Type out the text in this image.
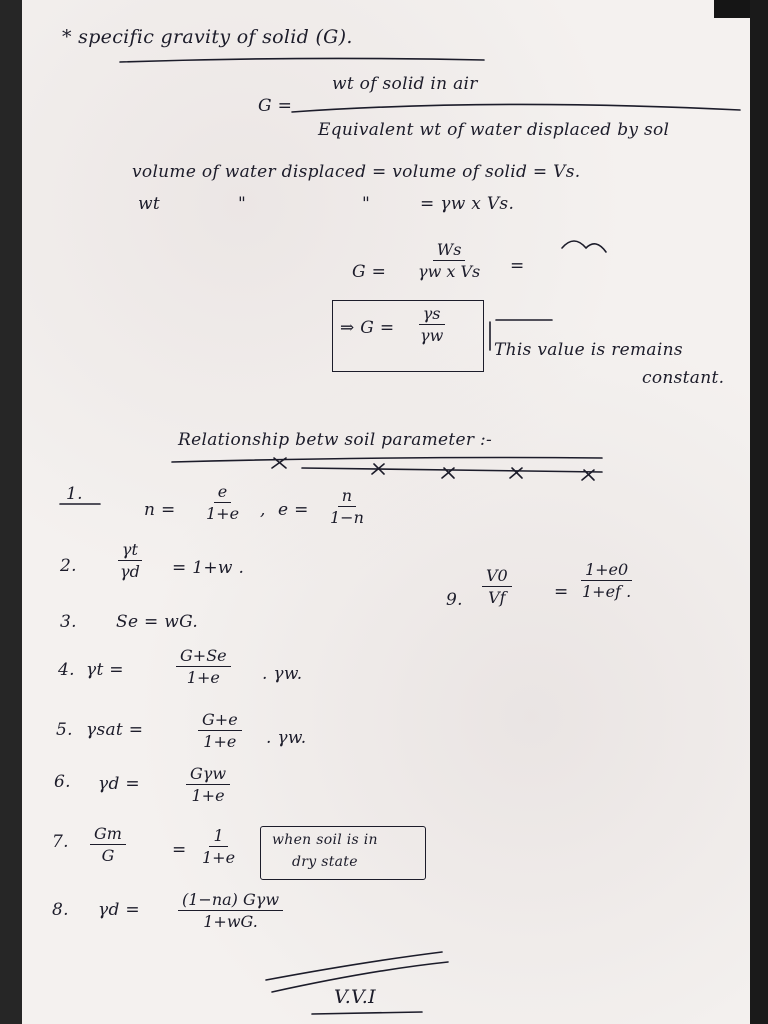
* specific gravity of solid (G).
G =
wt of solid in air
Equivalent wt of water displaced by sol
volume of water displaced = volume of solid = Vs.
wt	"	"	= γw x Vs.
$G = \frac{Ws}{\text{γw x Vs}}$ =
⇒ $G = \frac{\gamma s}{\gamma w}$
This value is remains
constant.
Relationship betw soil parameter :-
1.
$n = \frac{e}{1+e}$ , $e = \frac{n}{1-n}$
2. $\frac{\gamma t}{\gamma d} = 1+w$ .
9. $\frac{V0}{Vf} = \frac{1+e0}{1+ef .}$
3. Se = wG.
4. γt =	$\frac{G+Se}{1+e}$ . γw.
5. γsat =	$\frac{G+e}{1+e}$ . γw.
6. γd =
Gγw
1+e
7. $\frac{Gm}{G}$	= $\frac{1}{1+e}$ when soil is in
dry state
8. γd =
(1−na) Gγw
1+wG.
V.V.I
